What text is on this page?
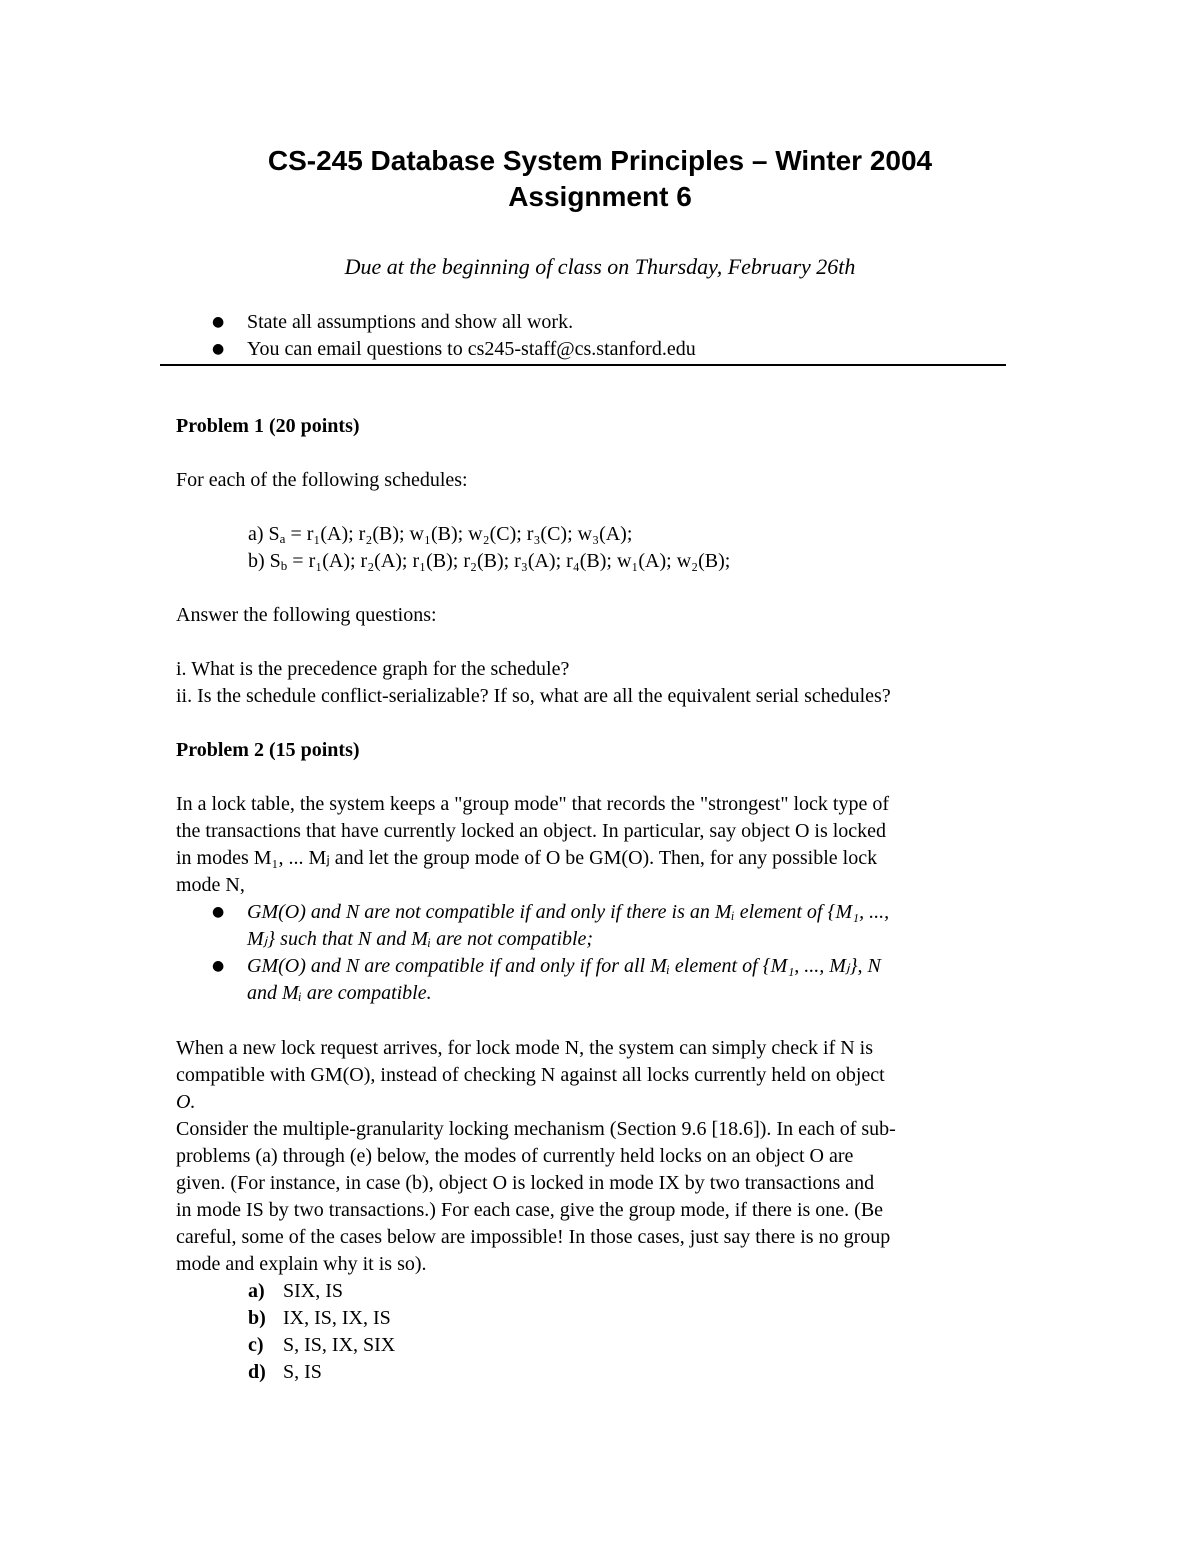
CS-245 Database System Principles – Winter 2004
Assignment 6
Due at the beginning of class on Thursday, February 26th
● State all assumptions and show all work.
● You can email questions to cs245-staff@cs.stanford.edu
Problem 1 (20 points)
For each of the following schedules:
a) $S_a = r_1(A)$; r₂(B); w₁(B); w₂(C); r₃(C); w₃(A);
b) $S_b = r_1(A)$; r₂(A); r₁(B); r₂(B); r₃(A); r₄(B); w₁(A); w₂(B);
Answer the following questions:
i. What is the precedence graph for the schedule?
ii. Is the schedule conflict-serializable? If so, what are all the equivalent serial schedules?
Problem 2 (15 points)
In a lock table, the system keeps a "group mode" that records the "strongest" lock type of
the transactions that have currently locked an object. In particular, say object O is locked
in modes M₁, ... Mⱼ and let the group mode of O be GM(O). Then, for any possible lock
mode N,
● GM(O) and N are not compatible if and only if there is an Mᵢ element of {M₁, ...,
Mⱼ} such that N and Mᵢ are not compatible;
● GM(O) and N are compatible if and only if for all Mᵢ element of {M₁, ..., Mⱼ}, N
and Mᵢ are compatible.
When a new lock request arrives, for lock mode N, the system can simply check if N is
compatible with GM(O), instead of checking N against all locks currently held on object
O.
Consider the multiple-granularity locking mechanism (Section 9.6 [18.6]). In each of sub-
problems (a) through (e) below, the modes of currently held locks on an object O are
given. (For instance, in case (b), object O is locked in mode IX by two transactions and
in mode IS by two transactions.) For each case, give the group mode, if there is one. (Be
careful, some of the cases below are impossible! In those cases, just say there is no group
mode and explain why it is so).
a) SIX, IS
b) IX, IS, IX, IS
c) S, IS, IX, SIX
d) S, IS
